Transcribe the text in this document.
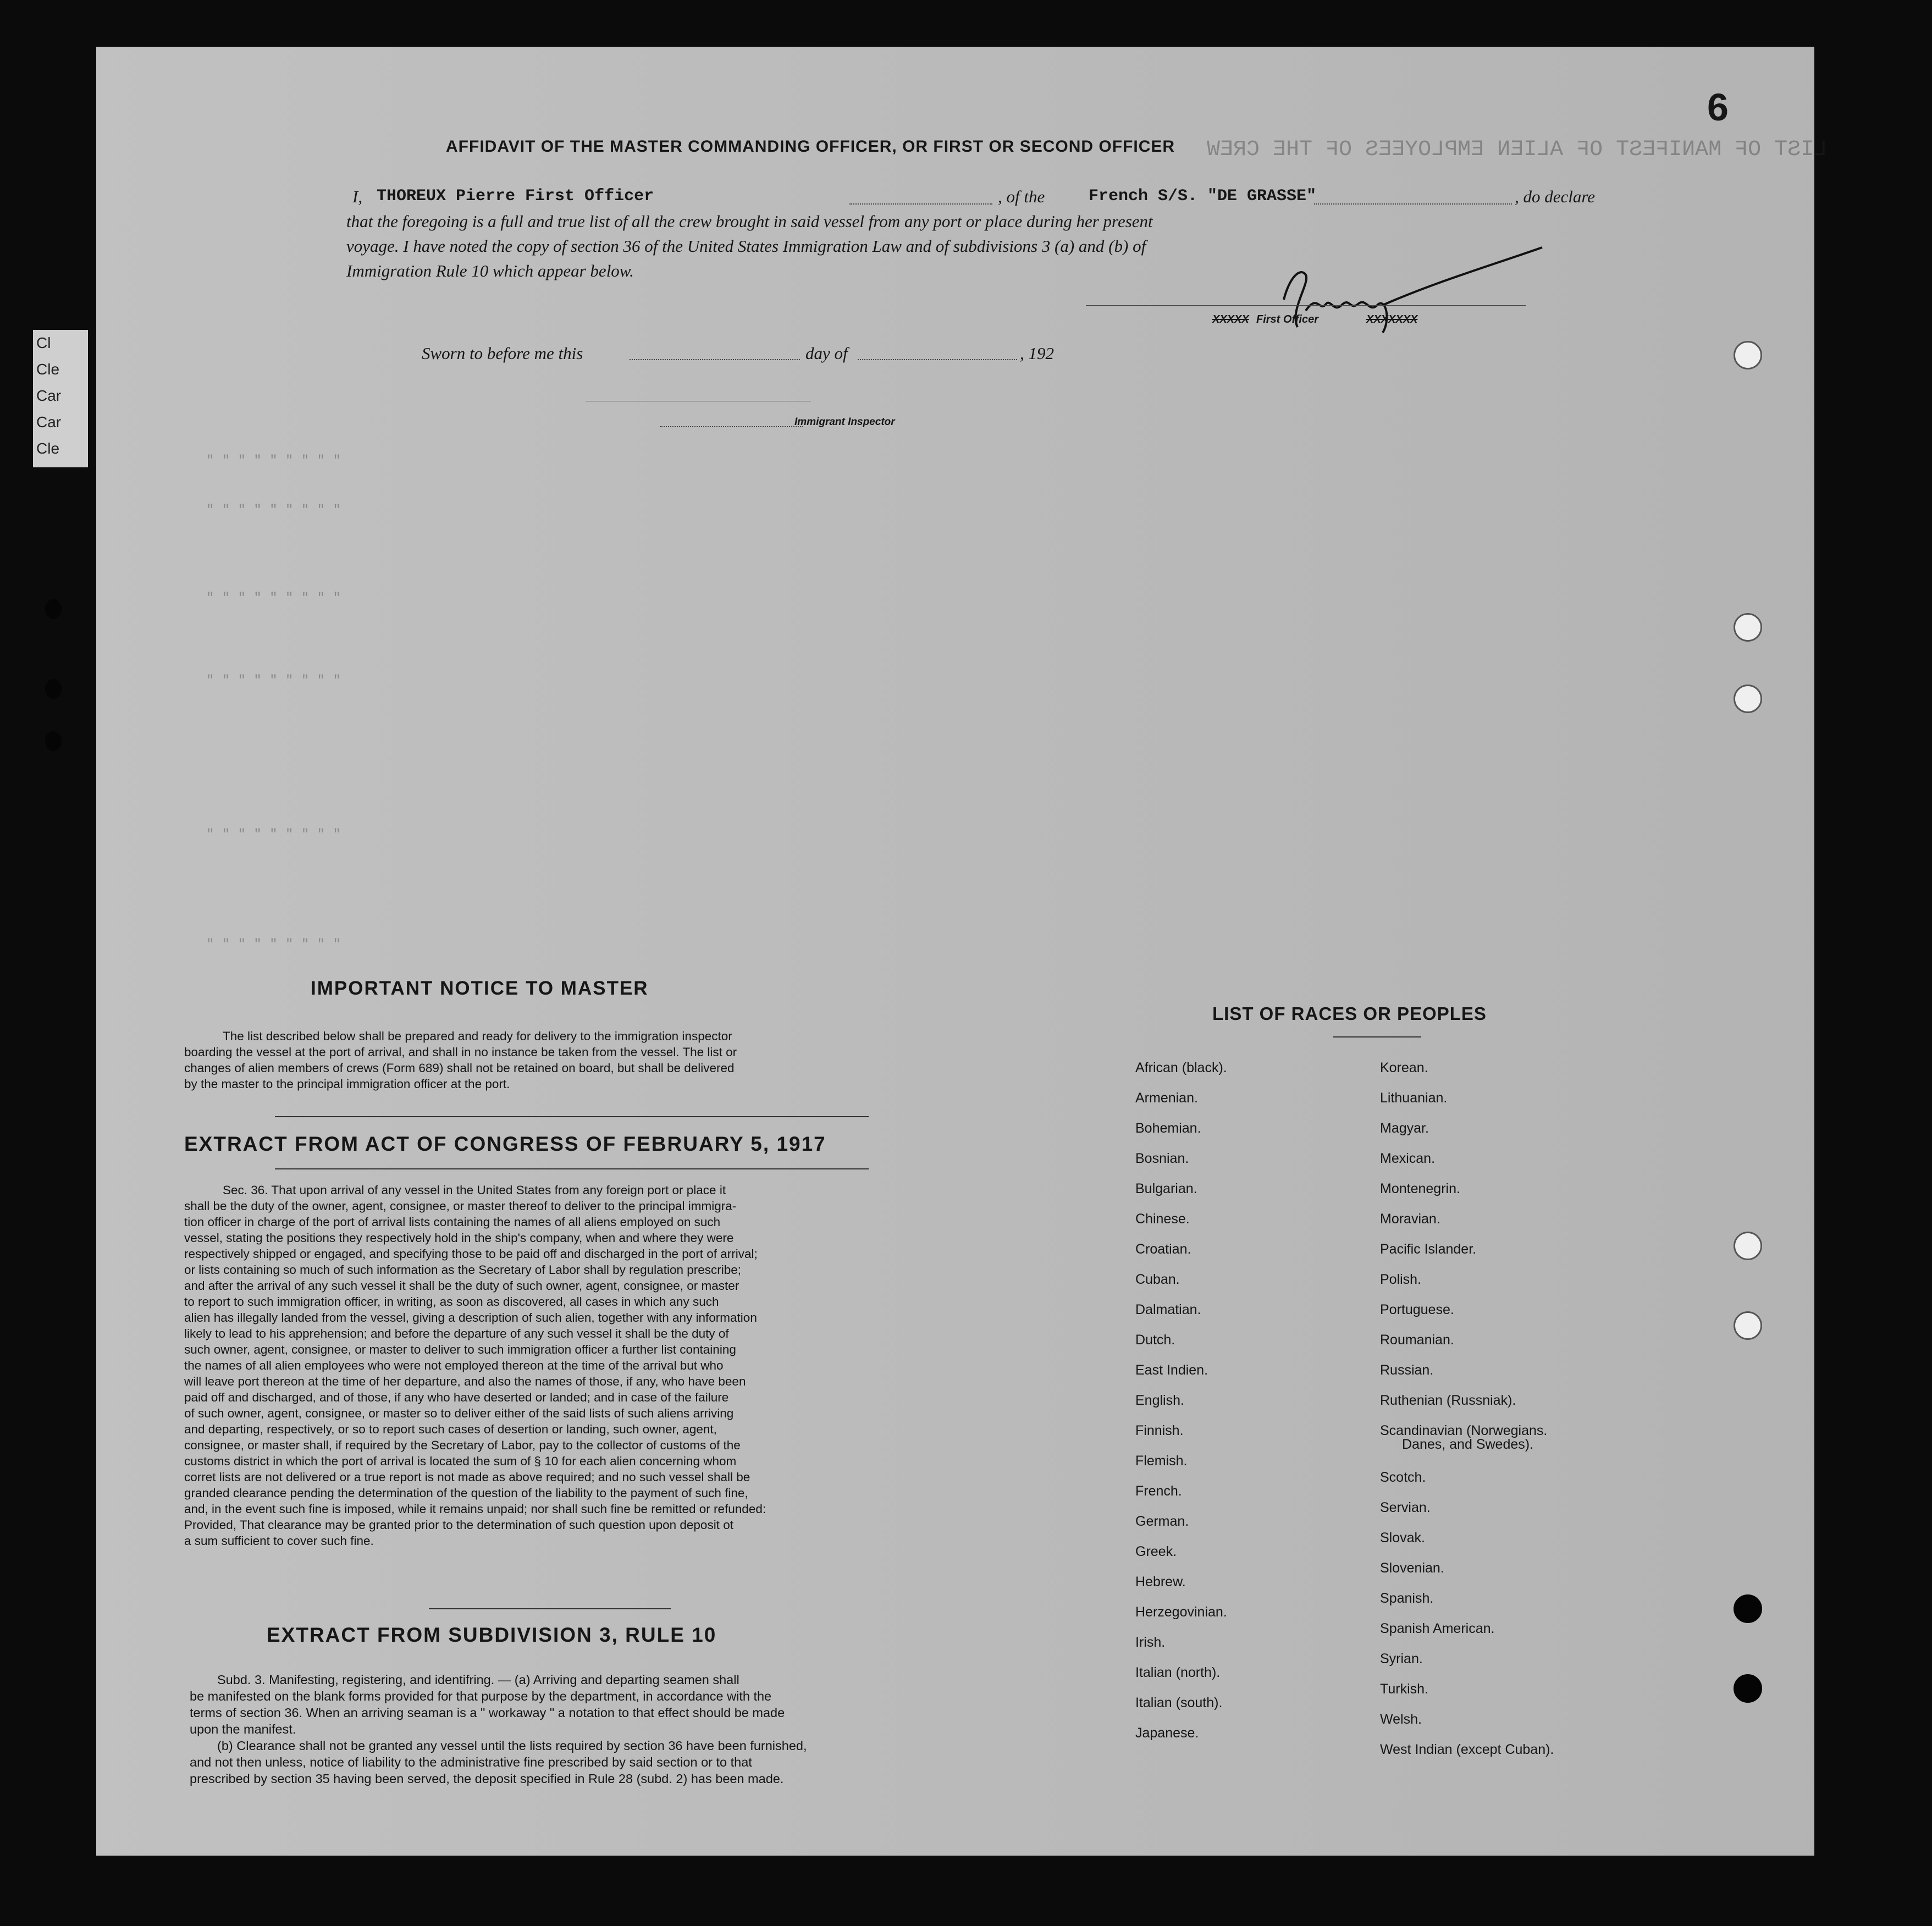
Cl
Cle
Car
Car
Cle
LIST OF MANIFEST OF ALIEN EMPLOYEES OF THE CREW
″ ″ ″ ″ ″ ″ ″ ″ ″
″ ″ ″ ″ ″ ″ ″ ″ ″
″ ″ ″ ″ ″ ″ ″ ″ ″
″ ″ ″ ″ ″ ″ ″ ″ ″
″ ″ ″ ″ ″ ″ ″ ″ ″
″ ″ ″ ″ ″ ″ ″ ″ ″
6
AFFIDAVIT OF THE MASTER COMMANDING OFFICER, OR FIRST OR SECOND OFFICER
I, THOREUX Pierre First Officer	, of the	French S/S. "DE GRASSE"	, do declare
that the foregoing is a full and true list of all the crew brought in said vessel from any port or place during her present
voyage. I have noted the copy of section 36 of the United States Immigration Law and of subdivisions 3 (a) and (b) of
Immigration Rule 10 which appear below.
XXXXX First Officer	XXXXXXX
Sworn to before me this	day of	, 192
Immigrant Inspector
IMPORTANT NOTICE TO MASTER
The list described below shall be prepared and ready for delivery to the immigration inspector
boarding the vessel at the port of arrival, and shall in no instance be taken from the vessel. The list or
changes of alien members of crews (Form 689) shall not be retained on board, but shall be delivered
by the master to the principal immigration officer at the port.
EXTRACT FROM ACT OF CONGRESS OF FEBRUARY 5, 1917
Sec. 36. That upon arrival of any vessel in the United States from any foreign port or place it
shall be the duty of the owner, agent, consignee, or master thereof to deliver to the principal immigra-
tion officer in charge of the port of arrival lists containing the names of all aliens employed on such
vessel, stating the positions they respectively hold in the ship's company, when and where they were
respectively shipped or engaged, and specifying those to be paid off and discharged in the port of arrival;
or lists containing so much of such information as the Secretary of Labor shall by regulation prescribe;
and after the arrival of any such vessel it shall be the duty of such owner, agent, consignee, or master
to report to such immigration officer, in writing, as soon as discovered, all cases in which any such
alien has illegally landed from the vessel, giving a description of such alien, together with any information
likely to lead to his apprehension; and before the departure of any such vessel it shall be the duty of
such owner, agent, consignee, or master to deliver to such immigration officer a further list containing
the names of all alien employees who were not employed thereon at the time of the arrival but who
will leave port thereon at the time of her departure, and also the names of those, if any, who have been
paid off and discharged, and of those, if any who have deserted or landed; and in case of the failure
of such owner, agent, consignee, or master so to deliver either of the said lists of such aliens arriving
and departing, respectively, or so to report such cases of desertion or landing, such owner, agent,
consignee, or master shall, if required by the Secretary of Labor, pay to the collector of customs of the
customs district in which the port of arrival is located the sum of § 10 for each alien concerning whom
corret lists are not delivered or a true report is not made as above required; and no such vessel shall be
granded clearance pending the determination of the question of the liability to the payment of such fine,
and, in the event such fine is imposed, while it remains unpaid; nor shall such fine be remitted or refunded:
Provided, That clearance may be granted prior to the determination of such question upon deposit ot
a sum sufficient to cover such fine.
EXTRACT FROM SUBDIVISION 3, RULE 10
Subd. 3. Manifesting, registering, and identifring. — (a) Arriving and departing seamen shall
be manifested on the blank forms provided for that purpose by the department, in accordance with the
terms of section 36. When an arriving seaman is a " workaway " a notation to that effect should be made
upon the manifest.
(b) Clearance shall not be granted any vessel until the lists required by section 36 have been furnished,
and not then unless, notice of liability to the administrative fine prescribed by said section or to that
prescribed by section 35 having been served, the deposit specified in Rule 28 (subd. 2) has been made.
LIST OF RACES OR PEOPLES
African (black).
Armenian.
Bohemian.
Bosnian.
Bulgarian.
Chinese.
Croatian.
Cuban.
Dalmatian.
Dutch.
East Indien.
English.
Finnish.
Flemish.
French.
German.
Greek.
Hebrew.
Herzegovinian.
Irish.
Italian (north).
Italian (south).
Japanese.
Korean.
Lithuanian.
Magyar.
Mexican.
Montenegrin.
Moravian.
Pacific Islander.
Polish.
Portuguese.
Roumanian.
Russian.
Ruthenian (Russniak).
Scandinavian (Norwegians.
Danes, and Swedes).
Scotch.
Servian.
Slovak.
Slovenian.
Spanish.
Spanish American.
Syrian.
Turkish.
Welsh.
West Indian (except Cuban).
